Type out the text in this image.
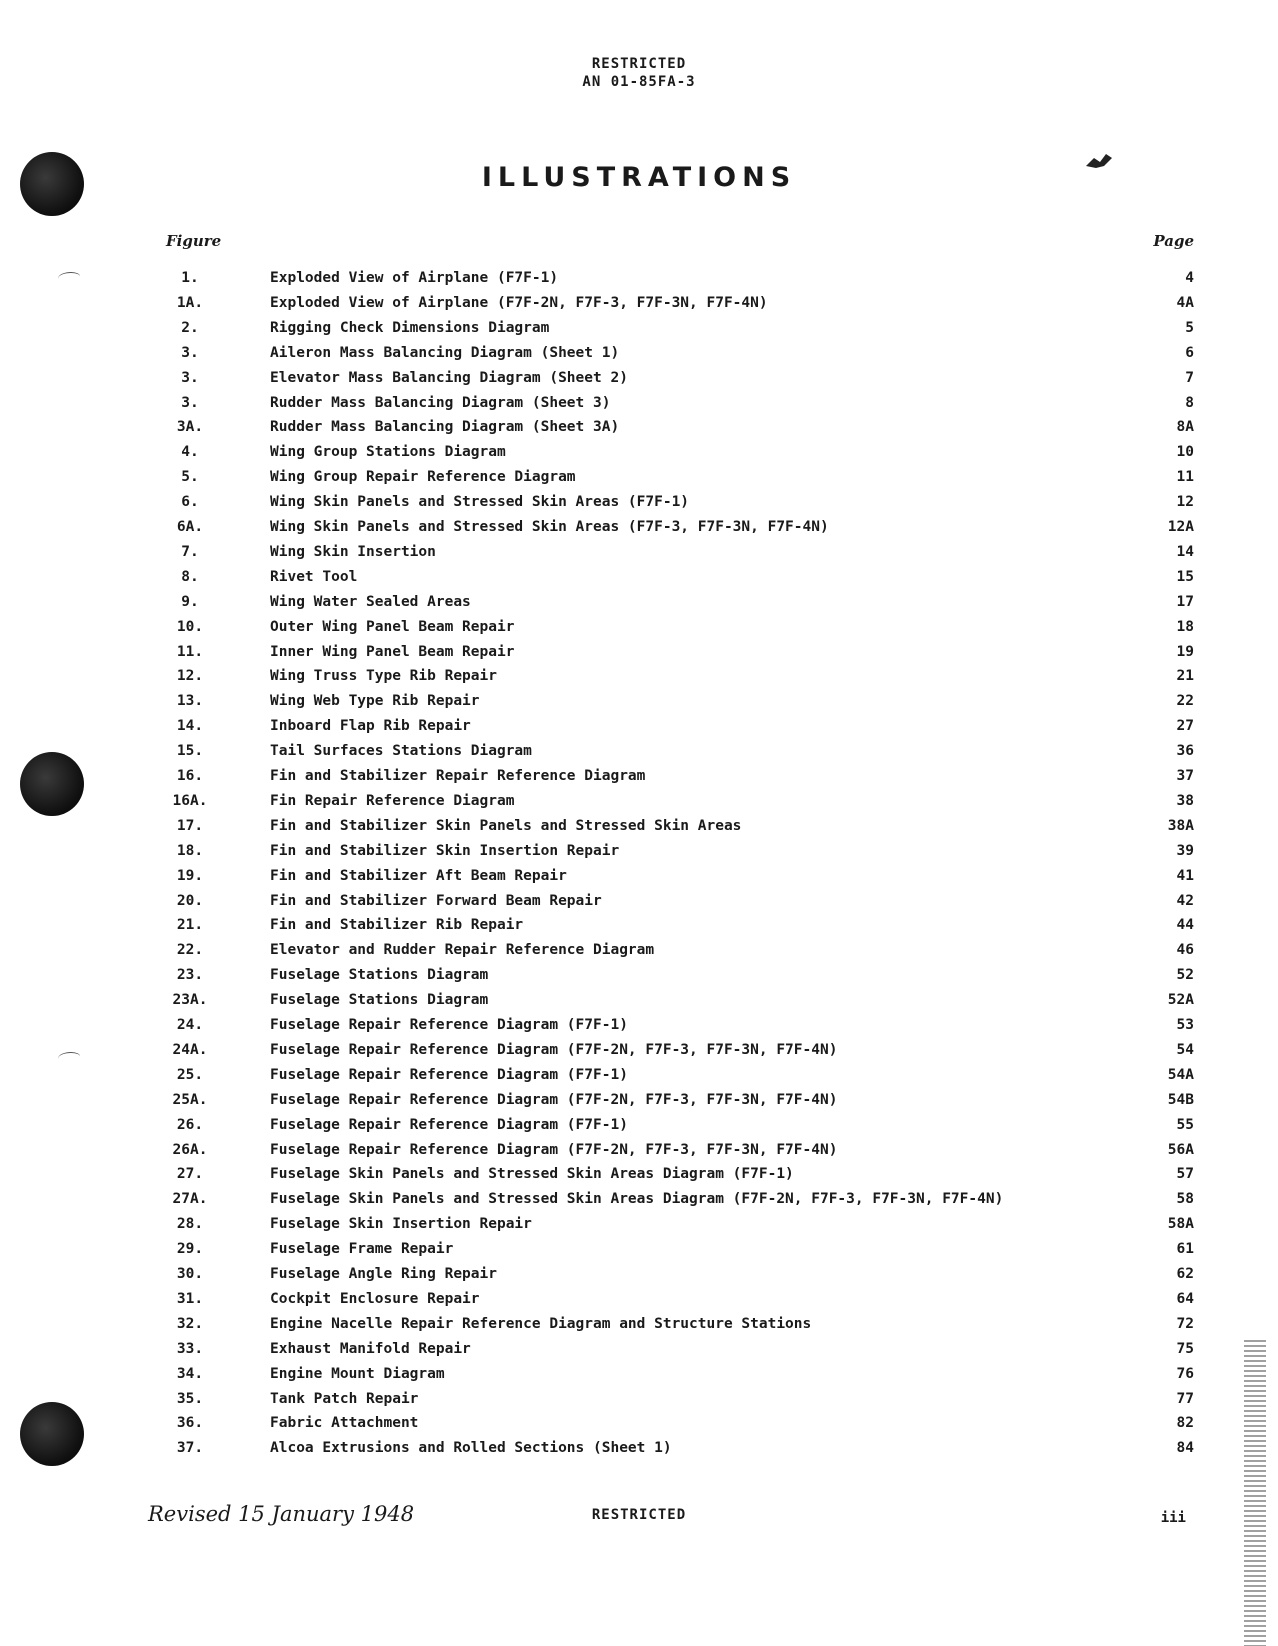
RESTRICTED
AN 01-85FA-3
ILLUSTRATIONS
Figure	Page
1.	Exploded View of Airplane (F7F-1)	4
1A.	Exploded View of Airplane (F7F-2N, F7F-3, F7F-3N, F7F-4N)	4A
2.	Rigging Check Dimensions Diagram	5
3.	Aileron Mass Balancing Diagram (Sheet 1)	6
3.	Elevator Mass Balancing Diagram (Sheet 2)	7
3.	Rudder Mass Balancing Diagram (Sheet 3)	8
3A.	Rudder Mass Balancing Diagram (Sheet 3A)	8A
4.	Wing Group Stations Diagram	10
5.	Wing Group Repair Reference Diagram	11
6.	Wing Skin Panels and Stressed Skin Areas (F7F-1)	12
6A.	Wing Skin Panels and Stressed Skin Areas (F7F-3, F7F-3N, F7F-4N)	12A
7.	Wing Skin Insertion	14
8.	Rivet Tool	15
9.	Wing Water Sealed Areas	17
10.	Outer Wing Panel Beam Repair	18
11.	Inner Wing Panel Beam Repair	19
12.	Wing Truss Type Rib Repair	21
13.	Wing Web Type Rib Repair	22
14.	Inboard Flap Rib Repair	27
15.	Tail Surfaces Stations Diagram	36
16.	Fin and Stabilizer Repair Reference Diagram	37
16A.	Fin Repair Reference Diagram	38
17.	Fin and Stabilizer Skin Panels and Stressed Skin Areas	38A
18.	Fin and Stabilizer Skin Insertion Repair	39
19.	Fin and Stabilizer Aft Beam Repair	41
20.	Fin and Stabilizer Forward Beam Repair	42
21.	Fin and Stabilizer Rib Repair	44
22.	Elevator and Rudder Repair Reference Diagram	46
23.	Fuselage Stations Diagram	52
23A.	Fuselage Stations Diagram	52A
24.	Fuselage Repair Reference Diagram (F7F-1)	53
24A.	Fuselage Repair Reference Diagram (F7F-2N, F7F-3, F7F-3N, F7F-4N)	54
25.	Fuselage Repair Reference Diagram (F7F-1)	54A
25A.	Fuselage Repair Reference Diagram (F7F-2N, F7F-3, F7F-3N, F7F-4N)	54B
26.	Fuselage Repair Reference Diagram (F7F-1)	55
26A.	Fuselage Repair Reference Diagram (F7F-2N, F7F-3, F7F-3N, F7F-4N)	56A
27.	Fuselage Skin Panels and Stressed Skin Areas Diagram (F7F-1)	57
27A.	Fuselage Skin Panels and Stressed Skin Areas Diagram (F7F-2N, F7F-3, F7F-3N, F7F-4N)	58
28.	Fuselage Skin Insertion Repair	58A
29.	Fuselage Frame Repair	61
30.	Fuselage Angle Ring Repair	62
31.	Cockpit Enclosure Repair	64
32.	Engine Nacelle Repair Reference Diagram and Structure Stations	72
33.	Exhaust Manifold Repair	75
34.	Engine Mount Diagram	76
35.	Tank Patch Repair	77
36.	Fabric Attachment	82
37.	Alcoa Extrusions and Rolled Sections (Sheet 1)	84
Revised 15 January 1948	RESTRICTED	iii
